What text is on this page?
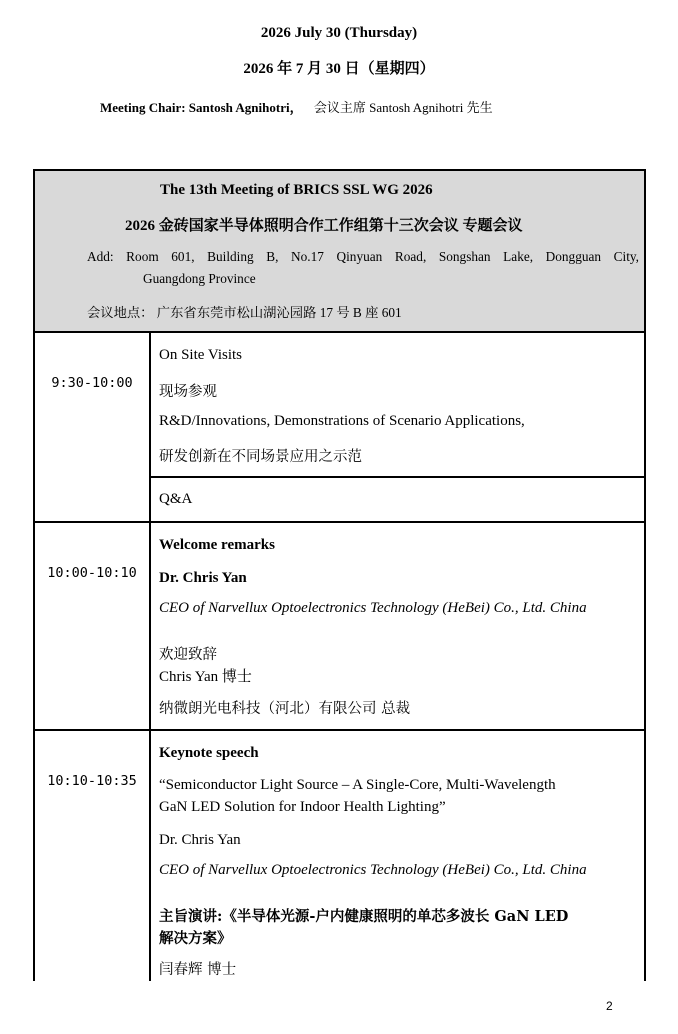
2026 July 30 (Thursday)
2026 年 7 月 30 日（星期四）
Meeting Chair: Santosh Agnihotri， 会议主席 Santosh Agnihotri 先生
The 13th Meeting of BRICS SSL WG 2026
2026 金砖国家半导体照明合作工作组第十三次会议 专题会议
Add: Room 601, Building B, No.17 Qinyuan Road, Songshan Lake, Dongguan City,
Guangdong Province
会议地点： 广东省东莞市松山湖沁园路 17 号 B 座 601
9:30-10:00
On Site Visits
现场参观
R&D/Innovations, Demonstrations of Scenario Applications,
研发创新在不同场景应用之示范
Q&A
10:00-10:10
Welcome remarks
Dr. Chris Yan
CEO of Narvellux Optoelectronics Technology (HeBei) Co., Ltd. China
欢迎致辞
Chris Yan 博士
纳微朗光电科技（河北）有限公司 总裁
10:10-10:35
Keynote speech
“Semiconductor Light Source – A Single-Core, Multi-Wavelength
GaN LED Solution for Indoor Health Lighting”
Dr. Chris Yan
CEO of Narvellux Optoelectronics Technology (HeBei) Co., Ltd. China
主旨演讲:《半导体光源-户内健康照明的单芯多波长 GaN LED
解决方案》
闫春辉 博士
2
